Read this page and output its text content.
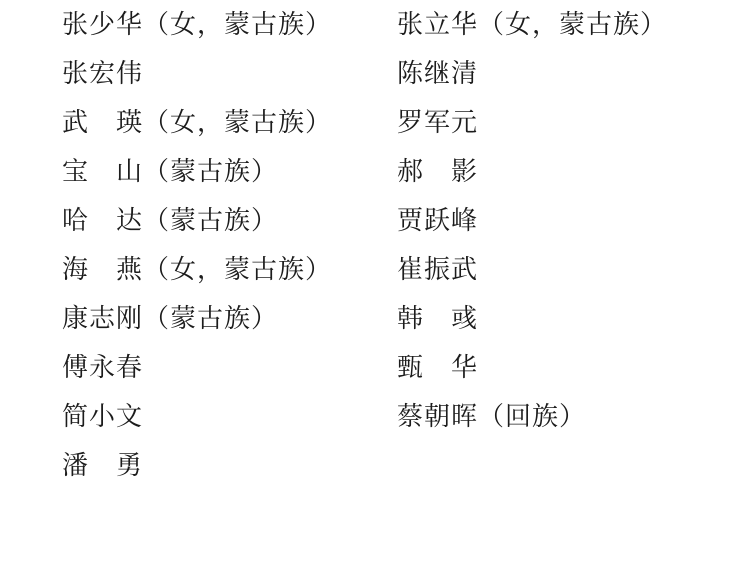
张少华（女，蒙古族）
张宏伟
武　瑛（女，蒙古族）
宝　山（蒙古族）
哈　达（蒙古族）
海　燕（女，蒙古族）
康志刚（蒙古族）
傅永春
简小文
潘　勇
张立华（女，蒙古族）
陈继清
罗军元
郝　影
贾跃峰
崔振武
韩　彧
甄　华
蔡朝晖（回族）
